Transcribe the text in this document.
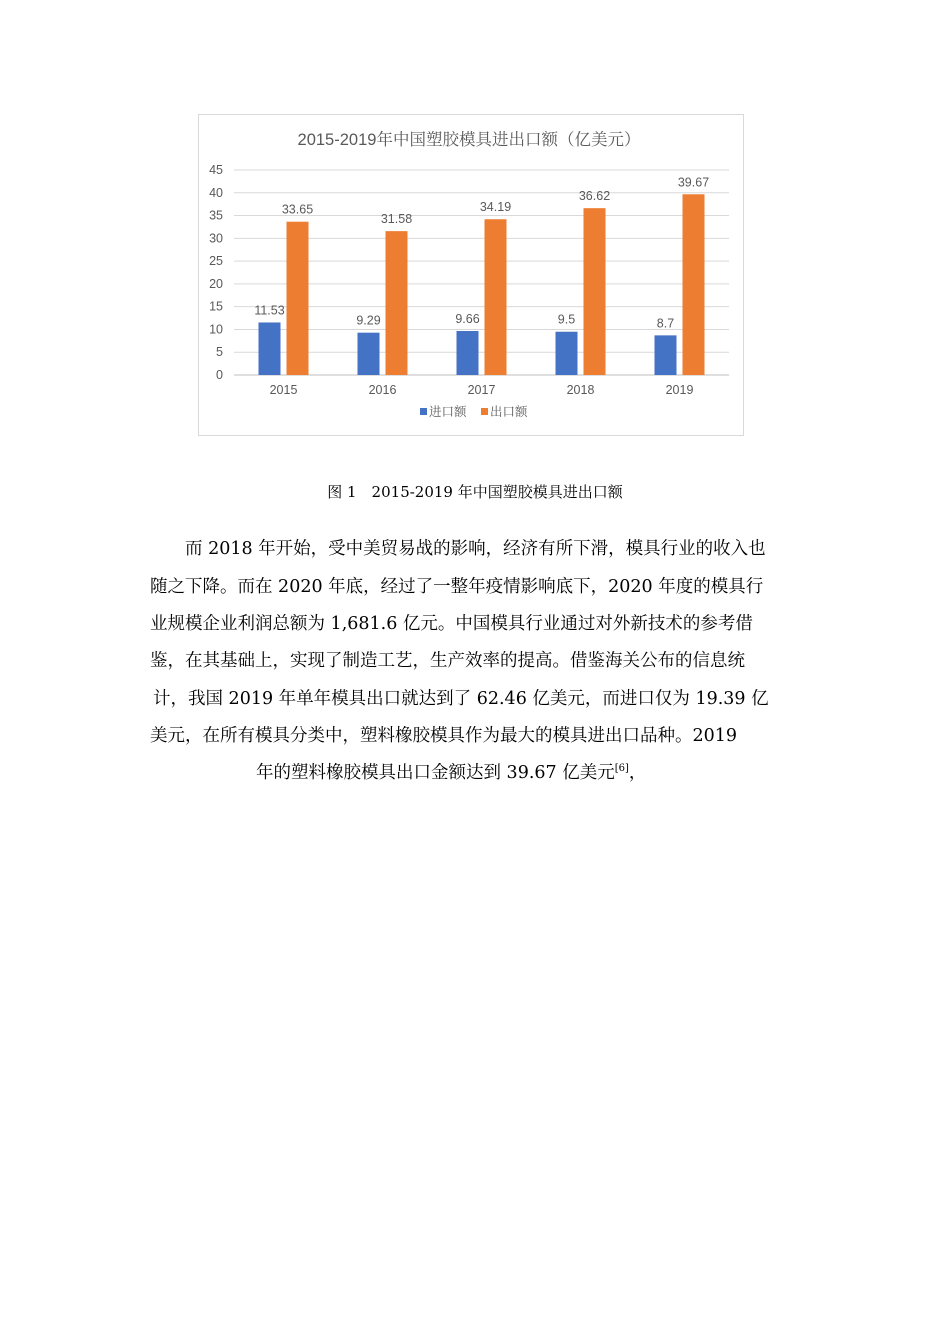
2015-2019年中国塑胶模具进出口额（亿美元）
11.53
33.65
9.29
31.58
9.66
34.19
9.5
36.62
8.7
39.67
0
5
10
15
20
25
30
35
40
45
2015	2016	2017	2018	2019
进口额 出口额
图 1　2015-2019 年中国塑胶模具进出口额
而 2018 年开始，受中美贸易战的影响，经济有所下滑，模具行业的收入也
随之下降。而在 2020 年底，经过了一整年疫情影响底下，2020 年度的模具行
业规模企业利润总额为 1,681.6 亿元。中国模具行业通过对外新技术的参考借
鉴，在其基础上，实现了制造工艺，生产效率的提高。借鉴海关公布的信息统
计，我国 2019 年单年模具出口就达到了 62.46 亿美元，而进口仅为 19.39 亿
美元，在所有模具分类中，塑料橡胶模具作为最大的模具进出口品种。2019
年的塑料橡胶模具出口金额达到 39.67 亿美元[6]，
